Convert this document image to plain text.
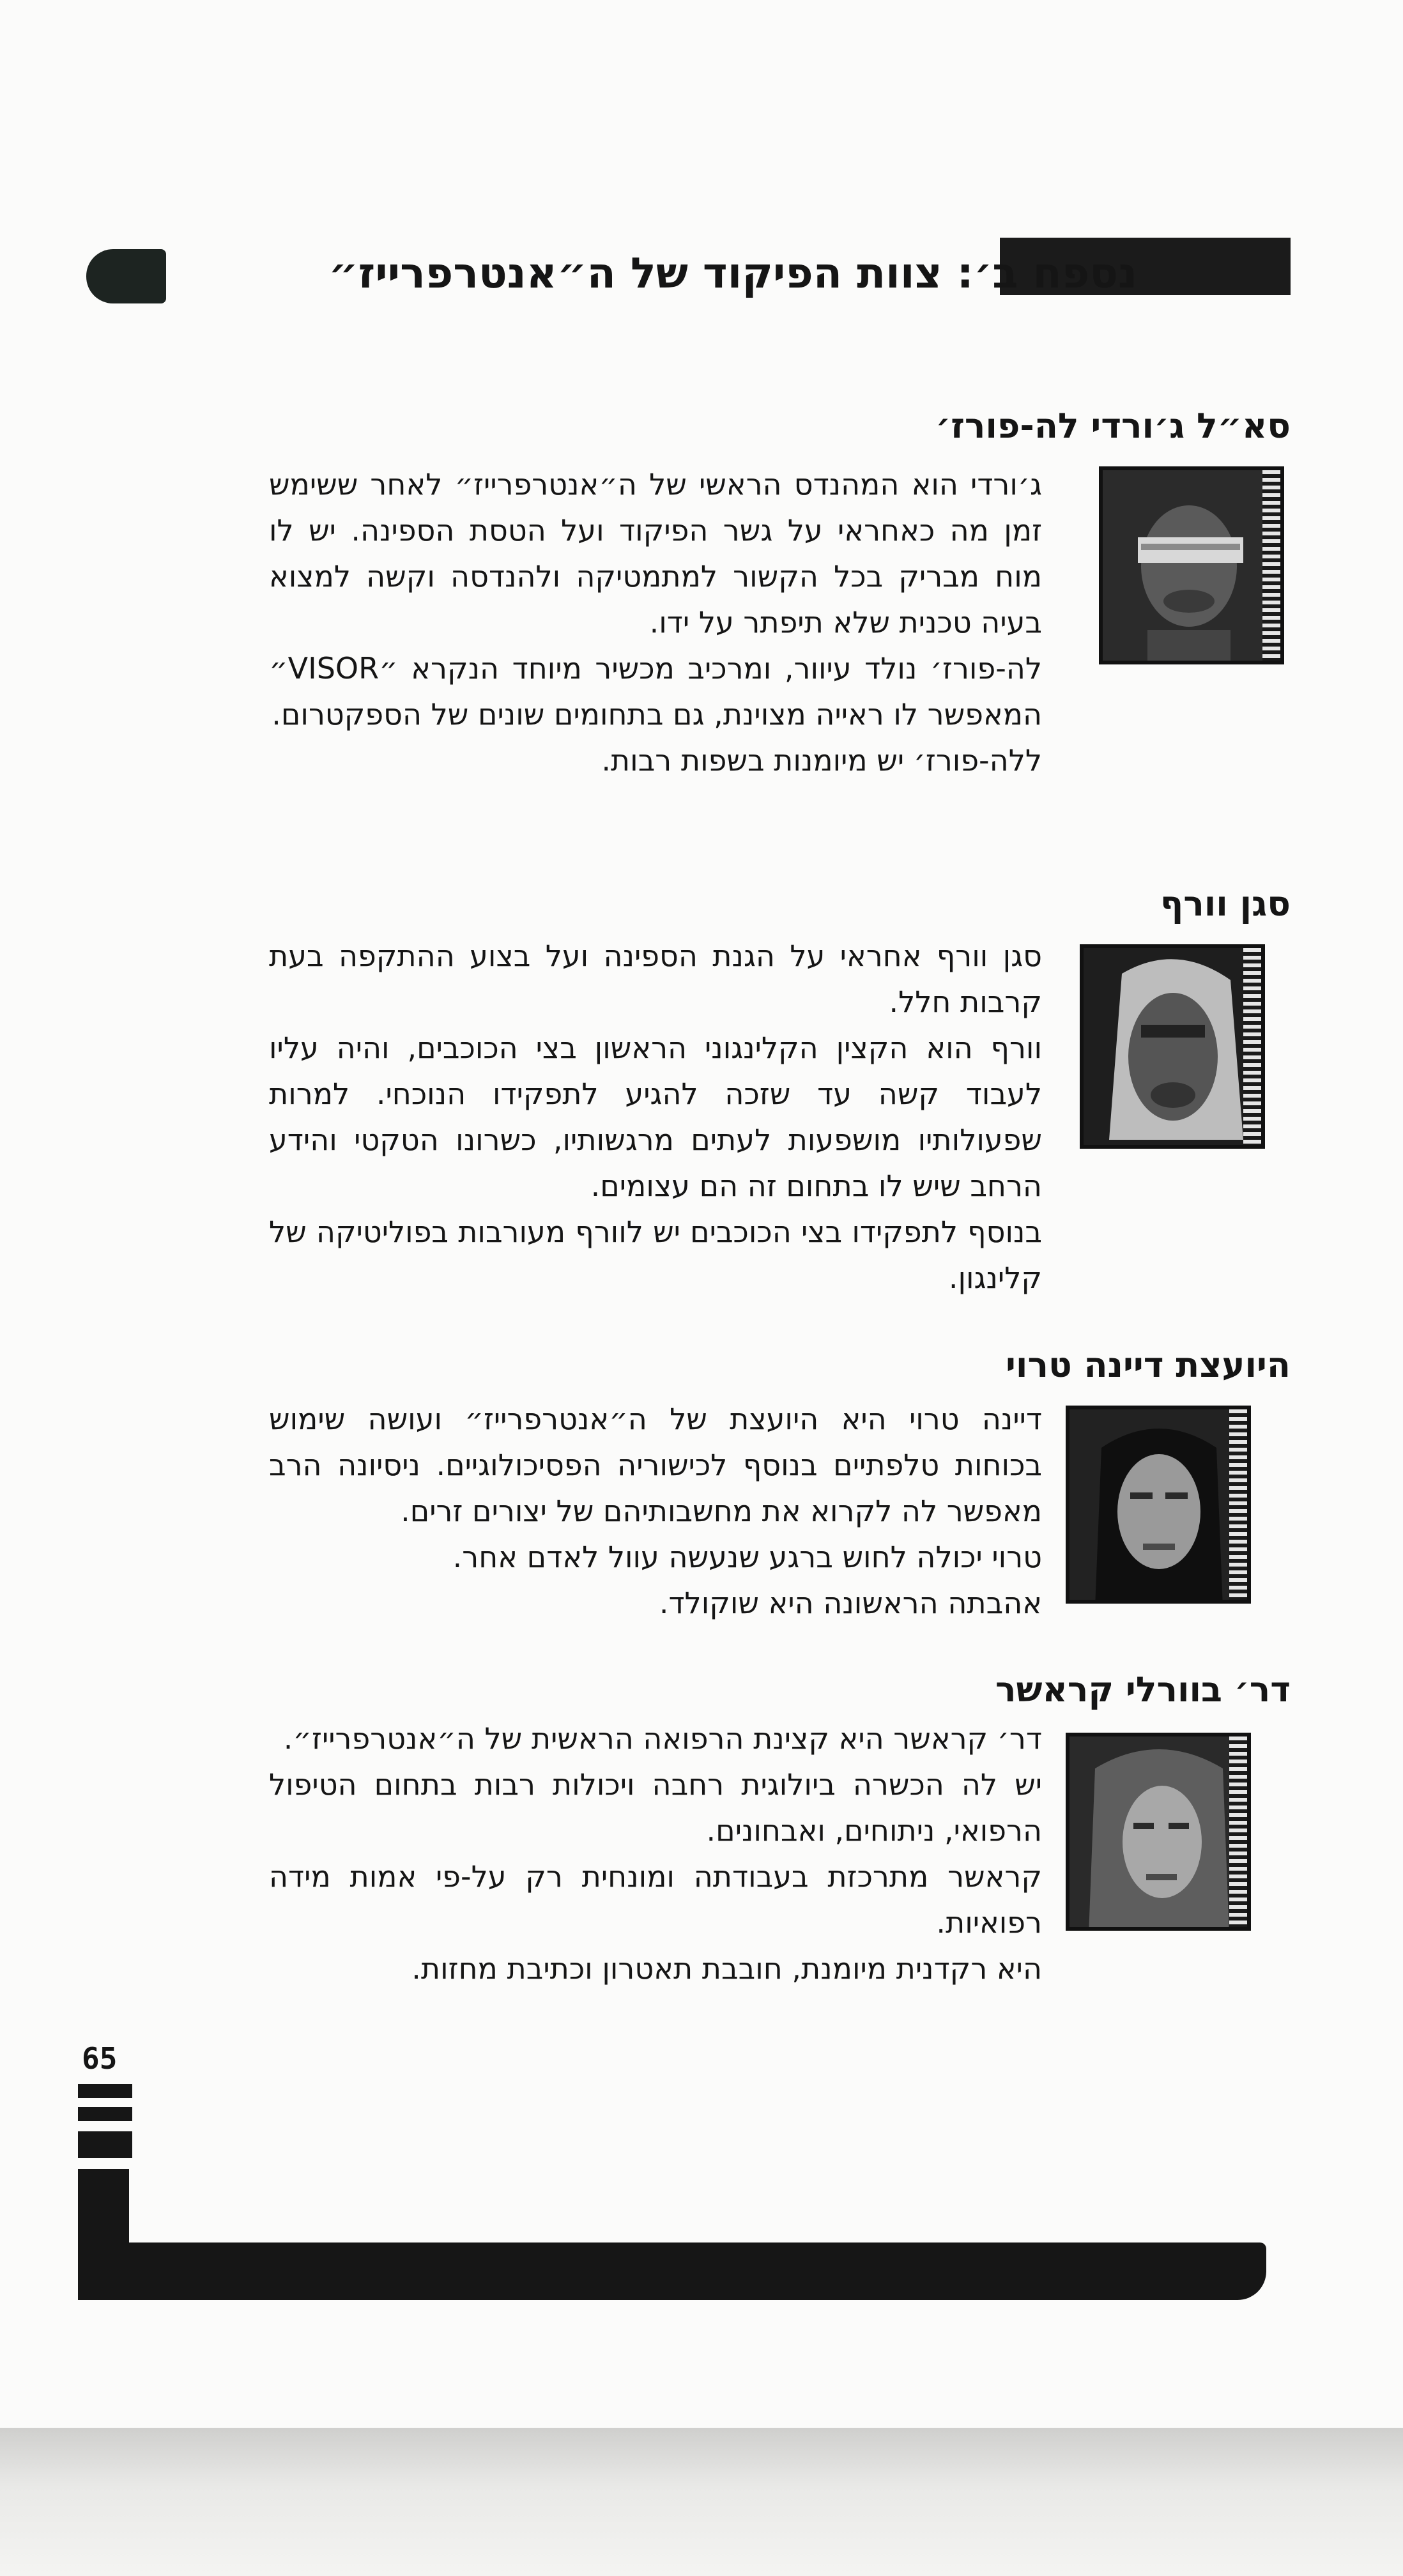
נספח ב׳: צוות הפיקוד של ה״אנטרפרייז״
סא״ל ג׳ורדי לה-פורז׳

ג׳ורדי הוא המהנדס הראשי של ה״אנטרפרייז״ לאחר ששימש זמן מה כאחראי על גשר הפיקוד ועל הטסת הספינה. יש לו מוח מבריק בכל הקשור למתמטיקה ולהנדסה וקשה למצוא בעיה טכנית שלא תיפתר על ידו.

לה-פורז׳ נולד עיוור, ומרכיב מכשיר מיוחד הנקרא ״VISOR״ המאפשר לו ראייה מצוינת, גם בתחומים שונים של הספקטרום.

ללה-פורז׳ יש מיומנות בשפות רבות.

סגן וורף

סגן וורף אחראי על הגנת הספינה ועל בצוע ההתקפה בעת קרבות חלל.

וורף הוא הקצין הקלינגוני הראשון בצי הכוכבים, והיה עליו לעבוד קשה עד שזכה להגיע לתפקידו הנוכחי. למרות שפעולותיו מושפעות לעתים מרגשותיו, כשרונו הטקטי והידע הרחב שיש לו בתחום זה הם עצומים.

בנוסף לתפקידו בצי הכוכבים יש לוורף מעורבות בפוליטיקה של קלינגון.

היועצת דיינה טרוי

דיינה טרוי היא היועצת של ה״אנטרפרייז״ ועושה שימוש בכוחות טלפתיים בנוסף לכישוריה הפסיכולוגיים. ניסיונה הרב מאפשר לה לקרוא את מחשבותיהם של יצורים זרים.

טרוי יכולה לחוש ברגע שנעשה עוול לאדם אחר.

אהבתה הראשונה היא שוקולד.

דר׳ בוורלי קראשר

דר׳ קראשר היא קצינת הרפואה הראשית של ה״אנטרפרייז״.

יש לה הכשרה ביולוגית רחבה ויכולות רבות בתחום הטיפול הרפואי, ניתוחים, ואבחונים.

קראשר מתרכזת בעבודתה ומונחית רק על-פי אמות מידה רפואיות.

היא רקדנית מיומנת, חובבת תאטרון וכתיבת מחזות.

65
